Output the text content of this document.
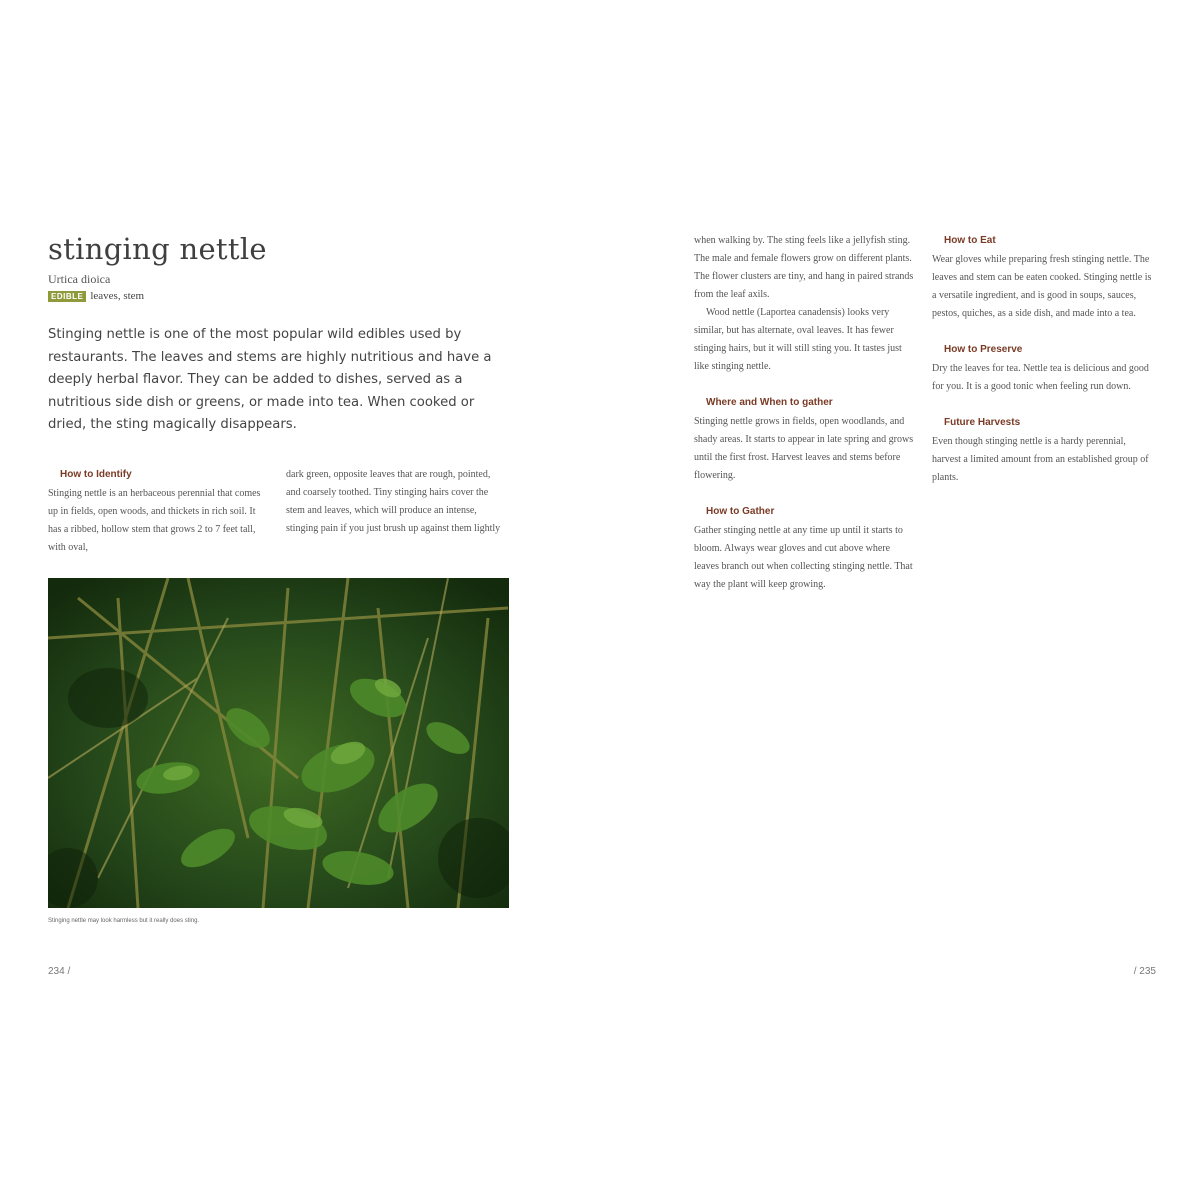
stinging nettle
Urtica dioica
EDIBLE leaves, stem

Stinging nettle is one of the most popular wild edibles used by restaurants. The leaves and stems are highly nutritious and have a deeply herbal flavor. They can be added to dishes, served as a nutritious side dish or greens, or made into tea. When cooked or dried, the sting magically disappears.

How to Identify

Stinging nettle is an herbaceous perennial that comes up in fields, open woods, and thickets in rich soil. It has a ribbed, hollow stem that grows 2 to 7 feet tall, with oval,

dark green, opposite leaves that are rough, pointed, and coarsely toothed. Tiny stinging hairs cover the stem and leaves, which will produce an intense, stinging pain if you just brush up against them lightly

Stinging nettle may look harmless but it really does sting.
234 /

when walking by. The sting feels like a jellyfish sting. The male and female flowers grow on different plants. The flower clusters are tiny, and hang in paired strands from the leaf axils.

Wood nettle (Laportea canadensis) looks very similar, but has alternate, oval leaves. It has fewer stinging hairs, but it will still sting you. It tastes just like stinging nettle.

Where and When to gather

Stinging nettle grows in fields, open woodlands, and shady areas. It starts to appear in late spring and grows until the first frost. Harvest leaves and stems before flowering.

How to Gather

Gather stinging nettle at any time up until it starts to bloom. Always wear gloves and cut above where leaves branch out when collecting stinging nettle. That way the plant will keep growing.

How to Eat

Wear gloves while preparing fresh stinging nettle. The leaves and stem can be eaten cooked. Stinging nettle is a versatile ingredient, and is good in soups, sauces, pestos, quiches, as a side dish, and made into a tea.

How to Preserve

Dry the leaves for tea. Nettle tea is delicious and good for you. It is a good tonic when feeling run down.

Future Harvests

Even though stinging nettle is a hardy perennial, harvest a limited amount from an established group of plants.

/ 235
